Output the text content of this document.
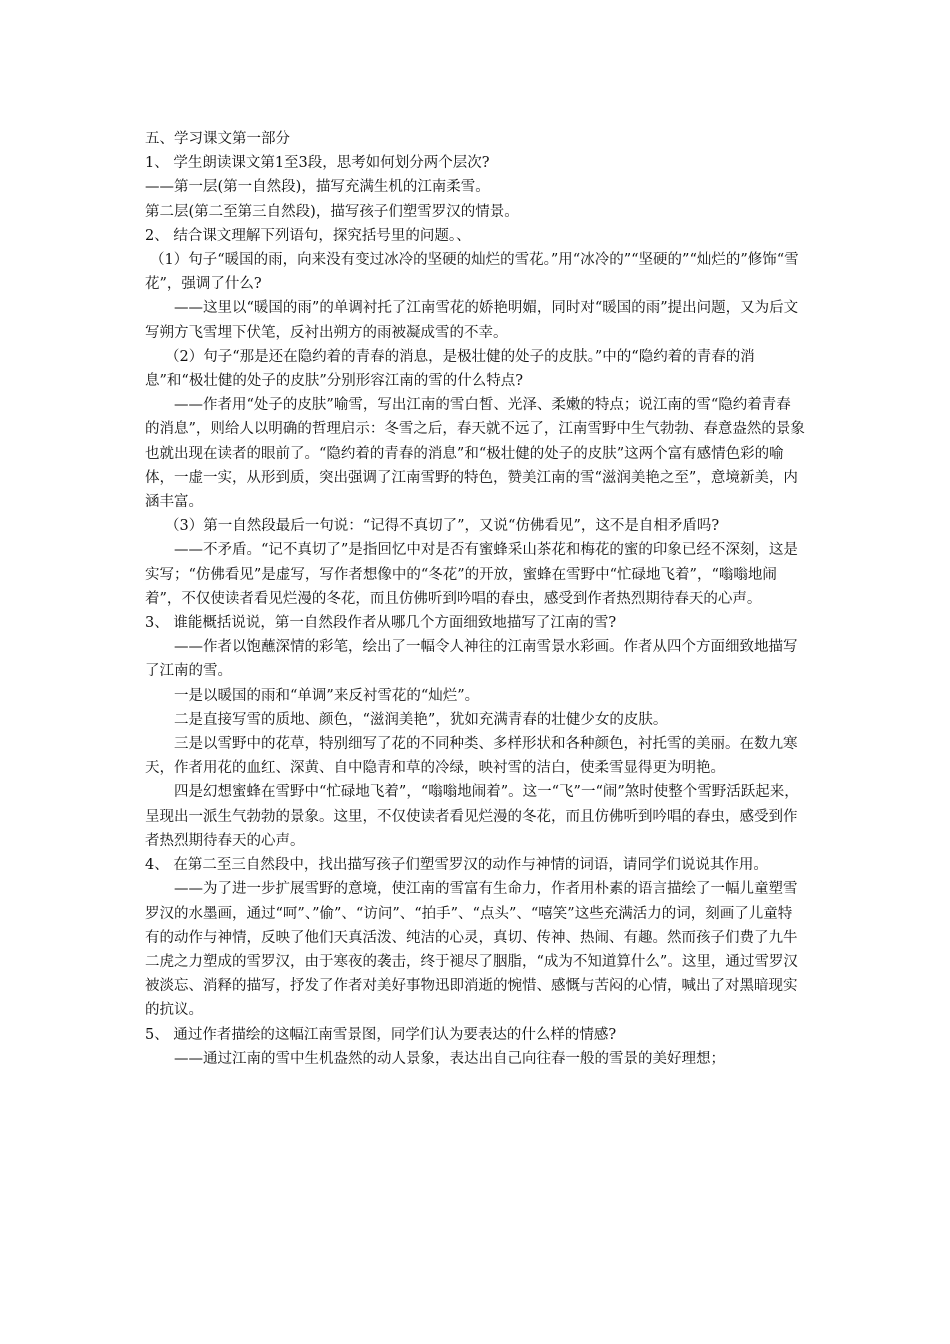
五、学习课文第一部分

1、 学生朗读课文第1至3段，思考如何划分两个层次?

——第一层(第一自然段)，描写充满生机的江南柔雪。

第二层(第二至第三自然段)，描写孩子们塑雪罗汉的情景。

2、 结合课文理解下列语句，探究括号里的问题。、

（1）句子“暖国的雨，向来没有变过冰冷的坚硬的灿烂的雪花。”用“冰冷的”“坚硬的”“灿烂的”修饰“雪花”，强调了什么?

——这里以“暖国的雨”的单调衬托了江南雪花的娇艳明媚，同时对“暖国的雨”提出问题，又为后文写朔方飞雪埋下伏笔，反衬出朔方的雨被凝成雪的不幸。

（2）句子“那是还在隐约着的青春的消息，是极壮健的处子的皮肤。”中的“隐约着的青春的消息”和“极壮健的处子的皮肤”分别形容江南的雪的什么特点?

——作者用“处子的皮肤”喻雪，写出江南的雪白皙、光泽、柔嫩的特点；说江南的雪“隐约着青春的消息”，则给人以明确的哲理启示：冬雪之后，春天就不远了，江南雪野中生气勃勃、春意盎然的景象也就出现在读者的眼前了。“隐约着的青春的消息”和“极壮健的处子的皮肤”这两个富有感情色彩的喻体，一虚一实，从形到质，突出强调了江南雪野的特色，赞美江南的雪“滋润美艳之至”，意境新美，内涵丰富。

（3）第一自然段最后一句说：“记得不真切了”，又说“仿佛看见”，这不是自相矛盾吗?

——不矛盾。“记不真切了”是指回忆中对是否有蜜蜂采山茶花和梅花的蜜的印象已经不深刻，这是实写；“仿佛看见”是虚写，写作者想像中的“冬花”的开放，蜜蜂在雪野中“忙碌地飞着”，“嗡嗡地闹着”，不仅使读者看见烂漫的冬花，而且仿佛听到吟唱的春虫，感受到作者热烈期待春天的心声。

3、 谁能概括说说，第一自然段作者从哪几个方面细致地描写了江南的雪?

——作者以饱蘸深情的彩笔，绘出了一幅令人神往的江南雪景水彩画。作者从四个方面细致地描写了江南的雪。

一是以暖国的雨和“单调”来反衬雪花的“灿烂”。

二是直接写雪的质地、颜色，“滋润美艳”，犹如充满青春的壮健少女的皮肤。

三是以雪野中的花草，特别细写了花的不同种类、多样形状和各种颜色，衬托雪的美丽。在数九寒天，作者用花的血红、深黄、自中隐青和草的冷绿，映衬雪的洁白，使柔雪显得更为明艳。

四是幻想蜜蜂在雪野中“忙碌地飞着”，“嗡嗡地闹着”。这一“飞”一“闹”煞时使整个雪野活跃起来，呈现出一派生气勃勃的景象。这里，不仅使读者看见烂漫的冬花，而且仿佛听到吟唱的春虫，感受到作者热烈期待春天的心声。

4、 在第二至三自然段中，找出描写孩子们塑雪罗汉的动作与神情的词语，请同学们说说其作用。

——为了进一步扩展雪野的意境，使江南的雪富有生命力，作者用朴素的语言描绘了一幅儿童塑雪罗汉的水墨画，通过“呵”、”偷”、“访问”、“拍手”、“点头”、“嘻笑”这些充满活力的词，刻画了儿童特有的动作与神情，反映了他们天真活泼、纯洁的心灵，真切、传神、热闹、有趣。然而孩子们费了九牛二虎之力塑成的雪罗汉，由于寒夜的袭击，终于褪尽了胭脂，“成为不知道算什么”。这里，通过雪罗汉被淡忘、消释的描写，抒发了作者对美好事物迅即消逝的惋惜、感慨与苦闷的心情，喊出了对黑暗现实的抗议。

5、 通过作者描绘的这幅江南雪景图，同学们认为要表达的什么样的情感?

——通过江南的雪中生机盎然的动人景象，表达出自己向往春一般的雪景的美好理想；
